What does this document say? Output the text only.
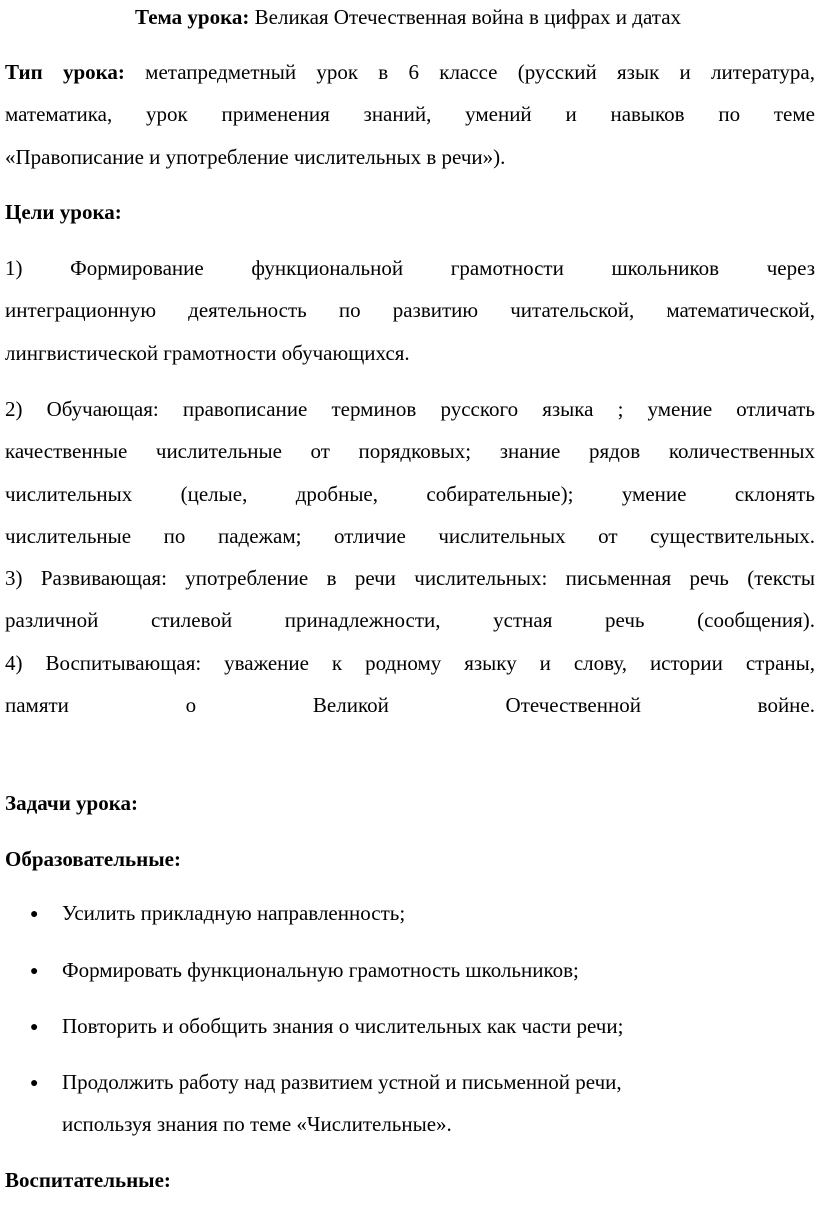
Тема урока: Великая Отечественная война в цифрах и датах
Тип урока: метапредметный урок в 6 классе (русский язык и литература,
математика, урок применения знаний, умений и навыков по теме
«Правописание и употребление числительных в речи»).
Цели урока:
1) Формирование функциональной грамотности школьников через
интеграционную деятельность по развитию читательской, математической,
лингвистической грамотности обучающихся.
2) Обучающая: правописание терминов русского языка ; умение отличать
качественные числительные от порядковых; знание рядов количественных
числительных (целые, дробные, собирательные); умение склонять
числительные по падежам; отличие числительных от существительных.
3) Развивающая: употребление в речи числительных: письменная речь (тексты
различной стилевой принадлежности, устная речь (сообщения).
4) Воспитывающая: уважение к родному языку и слову, истории страны,
памяти о Великой Отечественной войне.
Задачи урока:
Образовательные:
● Усилить прикладную направленность;
● Формировать функциональную грамотность школьников;
● Повторить и обобщить знания о числительных как части речи;
● Продолжить работу над развитием устной и письменной речи,
используя знания по теме «Числительные».
Воспитательные:
